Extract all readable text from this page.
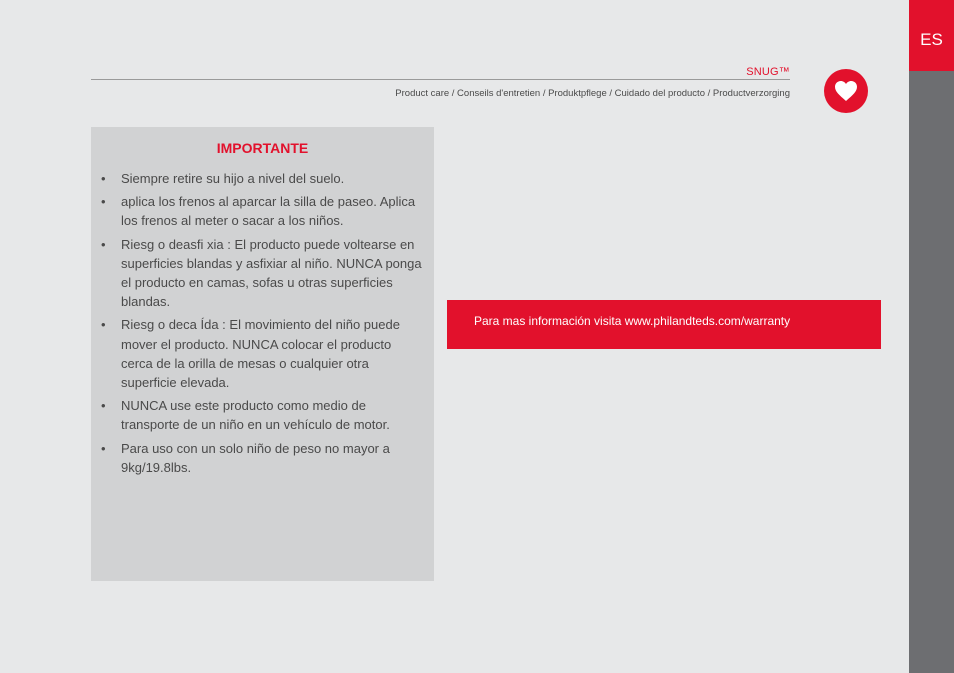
ES
SNUG™
Product care / Conseils d'entretien / Produktpflege / Cuidado del producto / Productverzorging
IMPORTANTE
• Siempre retire su hijo a nivel del suelo.
• aplica los frenos al aparcar la silla de paseo. Aplica los frenos al meter o sacar a los niños.
• Riesg o deasfi xia : El producto puede voltearse en superficies blandas y asfixiar al niño. NUNCA ponga el producto en camas, sofas u otras superficies blandas.
• Riesg o deca Ída : El movimiento del niño puede mover el producto. NUNCA colocar el producto cerca de la orilla de mesas o cualquier otra superficie elevada.
• NUNCA use este producto como medio de transporte de un niño en un vehículo de motor.
• Para uso con un solo niño de peso no mayor a 9kg/19.8lbs.
Para mas información visita www.philandteds.com/warranty
